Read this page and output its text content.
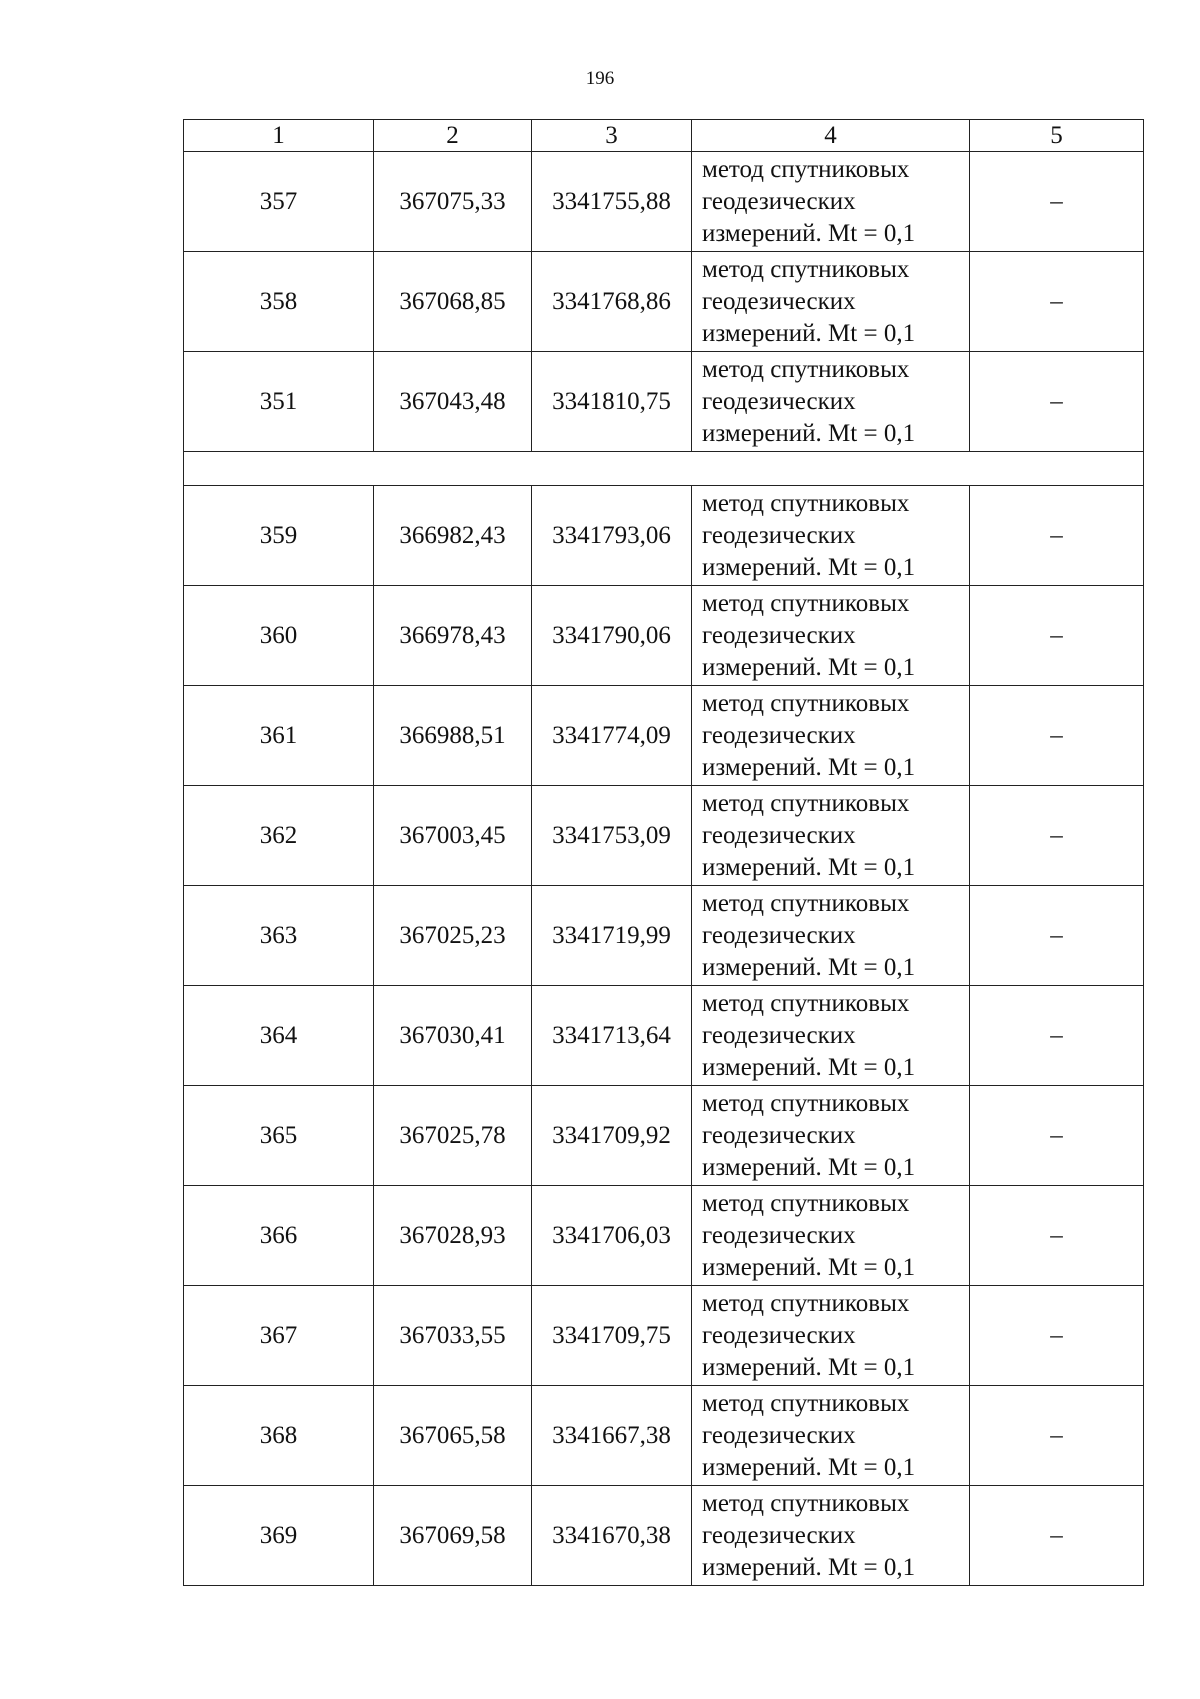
196
1	2	3	4	5
357	367075,33	3341755,88	метод спутниковых
геодезических
измерений. Mt = 0,1	–
358	367068,85	3341768,86	метод спутниковых
геодезических
измерений. Mt = 0,1	–
351	367043,48	3341810,75	метод спутниковых
геодезических
измерений. Mt = 0,1	–

359	366982,43	3341793,06	метод спутниковых
геодезических
измерений. Mt = 0,1	–
360	366978,43	3341790,06	метод спутниковых
геодезических
измерений. Mt = 0,1	–
361	366988,51	3341774,09	метод спутниковых
геодезических
измерений. Mt = 0,1	–
362	367003,45	3341753,09	метод спутниковых
геодезических
измерений. Mt = 0,1	–
363	367025,23	3341719,99	метод спутниковых
геодезических
измерений. Mt = 0,1	–
364	367030,41	3341713,64	метод спутниковых
геодезических
измерений. Mt = 0,1	–
365	367025,78	3341709,92	метод спутниковых
геодезических
измерений. Mt = 0,1	–
366	367028,93	3341706,03	метод спутниковых
геодезических
измерений. Mt = 0,1	–
367	367033,55	3341709,75	метод спутниковых
геодезических
измерений. Mt = 0,1	–
368	367065,58	3341667,38	метод спутниковых
геодезических
измерений. Mt = 0,1	–
369	367069,58	3341670,38	метод спутниковых
геодезических
измерений. Mt = 0,1	–
